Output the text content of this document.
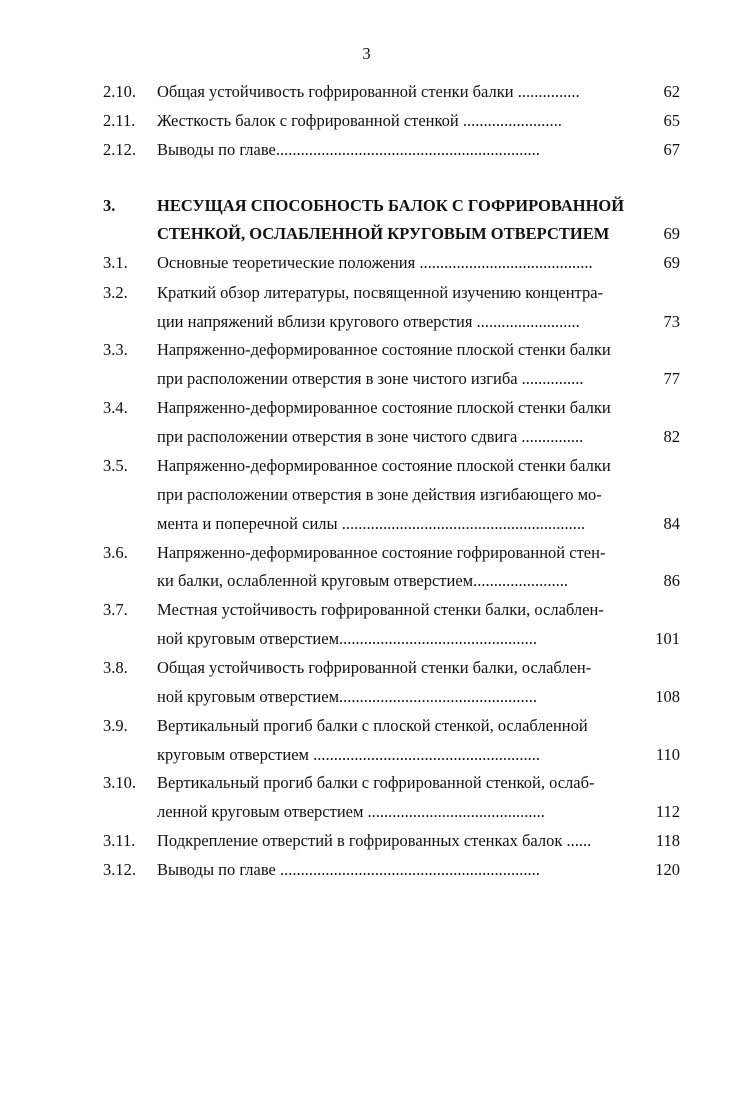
3
2.10. Общая устойчивость гофрированной стенки балки ...............	62
2.11. Жесткость балок с гофрированной стенкой ........................	65
2.12. Выводы по главе................................................................	67
3.	НЕСУЩАЯ СПОСОБНОСТЬ БАЛОК С ГОФРИРОВАННОЙ
СТЕНКОЙ, ОСЛАБЛЕННОЙ КРУГОВЫМ ОТВЕРСТИЕМ	69
3.1. Основные теоретические положения ..........................................	69
3.2. Краткий обзор литературы, посвященной изучению концентра-
ции напряжений вблизи кругового отверстия .........................	73
3.3. Напряженно-деформированное состояние плоской стенки балки
при расположении отверстия в зоне чистого изгиба ...............	77
3.4. Напряженно-деформированное состояние плоской стенки балки
при расположении отверстия в зоне чистого сдвига ...............	82
3.5. Напряженно-деформированное состояние плоской стенки балки
при расположении отверстия в зоне действия изгибающего мо-
мента и поперечной силы ...........................................................	84
3.6. Напряженно-деформированное состояние гофрированной стен-
ки балки, ослабленной круговым отверстием.......................	86
3.7. Местная устойчивость гофрированной стенки балки, ослаблен-
ной круговым отверстием................................................	101
3.8. Общая устойчивость гофрированной стенки балки, ослаблен-
ной круговым отверстием................................................	108
3.9. Вертикальный прогиб балки с плоской стенкой, ослабленной
круговым отверстием .......................................................	110
3.10. Вертикальный прогиб балки с гофрированной стенкой, ослаб-
ленной круговым отверстием ...........................................	112
3.11. Подкрепление отверстий в гофрированных стенках балок ......	118
3.12. Выводы по главе ...............................................................	120
